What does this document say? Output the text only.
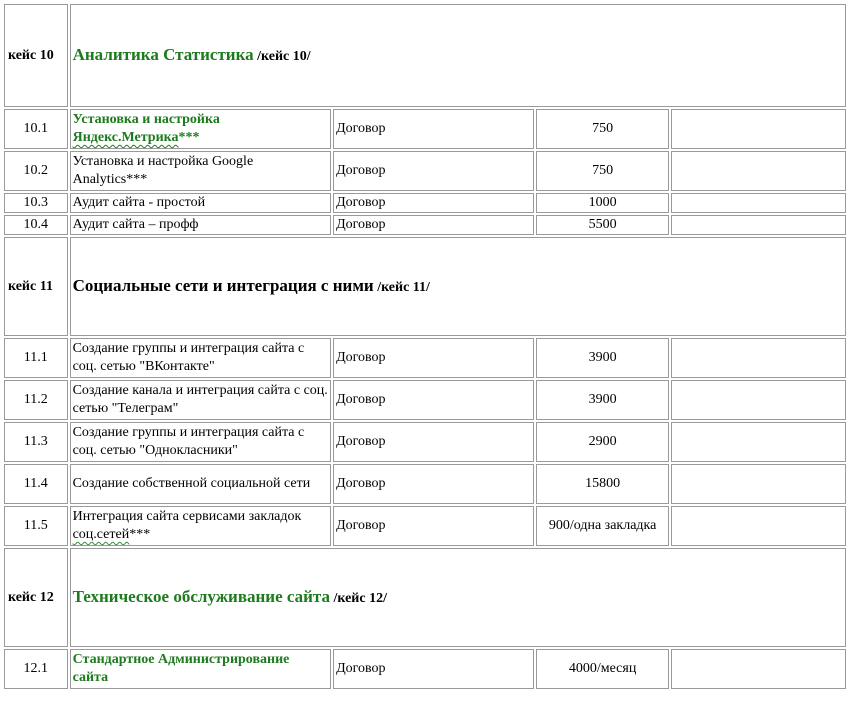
кейс 10	Аналитика Статистика /кейс 10/			
10.1	Установка и настройка Яндекс.Метрика***	Договор	750	
10.2	Установка и настройка Google Analytics***	Договор	750	
10.3	Аудит сайта - простой	Договор	1000	
10.4	Аудит сайта – профф	Договор	5500	
кейс 11	Социальные сети и интеграция с ними /кейс 11/			
11.1	Создание группы и интеграция сайта с соц. сетью "ВКонтакте"	Договор	3900	
11.2	Создание канала и интеграция сайта с соц. сетью "Телеграм"	Договор	3900	
11.3	Создание группы и интеграция сайта с соц. сетью "Однокласники"	Договор	2900	
11.4	Создание собственной социальной сети	Договор	15800	
11.5	Интеграция сайта сервисами закладок соц.сетей***	Договор	900/одна закладка	
кейс 12	Техническое обслуживание сайта /кейс 12/			
12.1	Стандартное Администрирование сайта	Договор	4000/месяц	
